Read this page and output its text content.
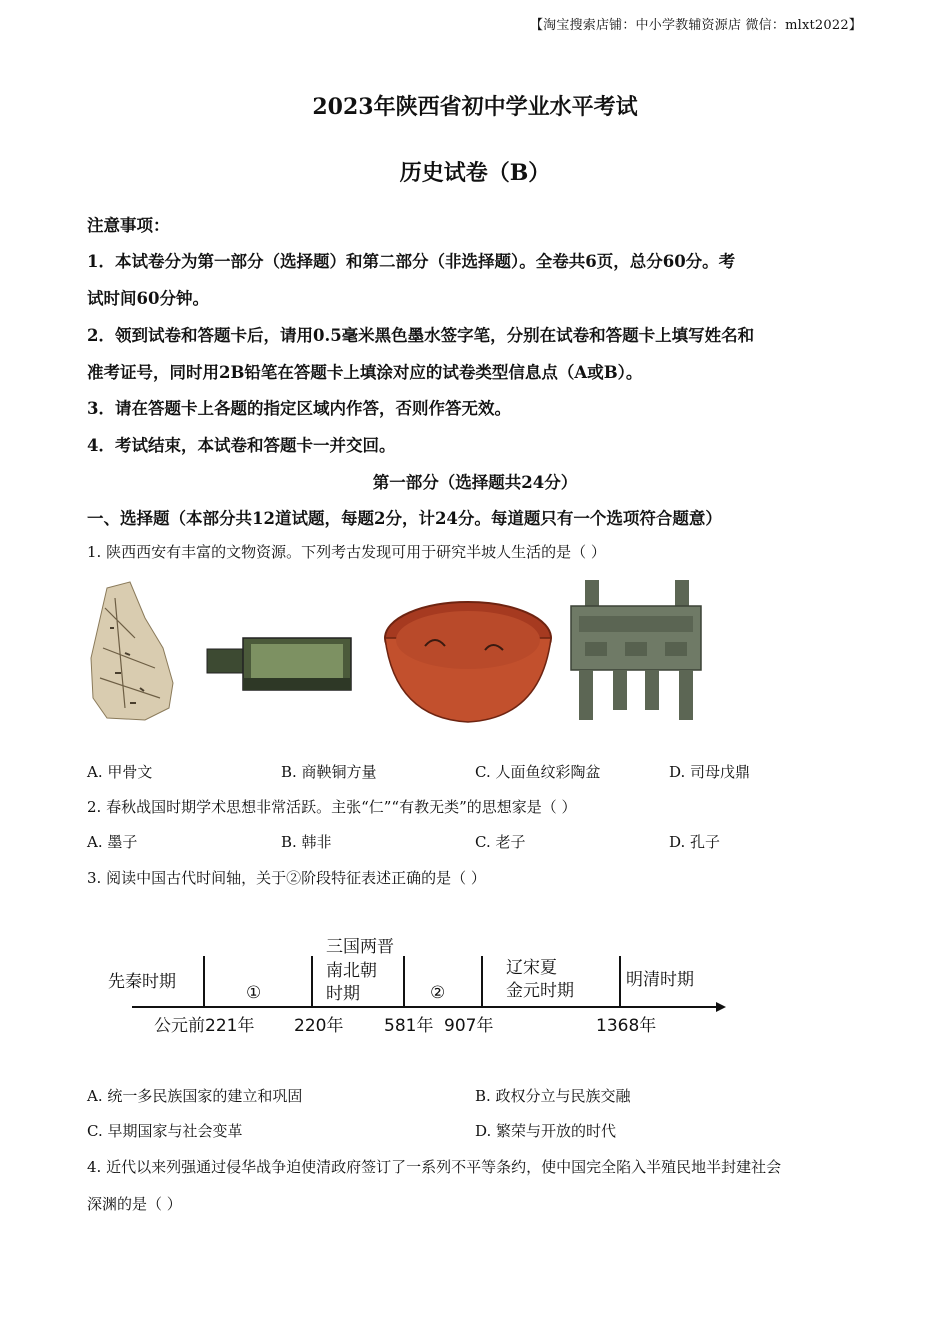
【淘宝搜索店铺：中小学教辅资源店 微信：mlxt2022】
2023年陕西省初中学业水平考试
历史试卷（B）
注意事项：
1．本试卷分为第一部分（选择题）和第二部分（非选择题）。全卷共6页，总分60分。考
试时间60分钟。
2．领到试卷和答题卡后，请用0.5毫米黑色墨水签字笔，分别在试卷和答题卡上填写姓名和
准考证号，同时用2B铅笔在答题卡上填涂对应的试卷类型信息点（A或B）。
3．请在答题卡上各题的指定区域内作答，否则作答无效。
4．考试结束，本试卷和答题卡一并交回。
第一部分（选择题共24分）
一、选择题（本部分共12道试题，每题2分，计24分。每道题只有一个选项符合题意）
1. 陕西西安有丰富的文物资源。下列考古发现可用于研究半坡人生活的是（ ）
A. 甲骨文	B. 商鞅铜方量	C. 人面鱼纹彩陶盆	D. 司母戊鼎
2. 春秋战国时期学术思想非常活跃。主张“仁”“有教无类”的思想家是（ ）
A. 墨子	B. 韩非	C. 老子	D. 孔子
3. 阅读中国古代时间轴，关于②阶段特征表述正确的是（ ）
先秦时期
①
三国两晋
南北朝
时期	②
辽宋夏
金元时期
明清时期
公元前221年 220年 581年 907年	1368年
A. 统一多民族国家的建立和巩固	B. 政权分立与民族交融
C. 早期国家与社会变革	D. 繁荣与开放的时代
4. 近代以来列强通过侵华战争迫使清政府签订了一系列不平等条约，使中国完全陷入半殖民地半封建社会
深渊的是（ ）
